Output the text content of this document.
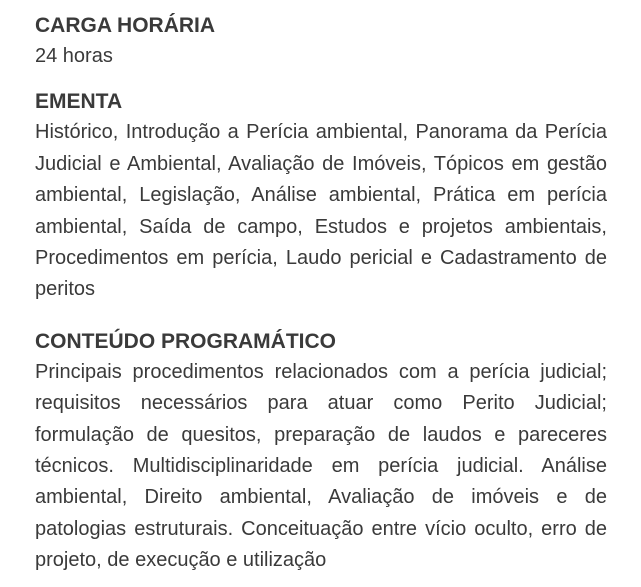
CARGA HORÁRIA

24 horas

EMENTA

Histórico, Introdução a Perícia ambiental, Panorama da Perícia Judicial e Ambiental, Avaliação de Imóveis, Tópicos em gestão ambiental, Legislação, Análise ambiental, Prática em perícia ambiental, Saída de campo, Estudos e projetos ambientais, Procedimentos em perícia, Laudo pericial e Cadastramento de peritos

CONTEÚDO PROGRAMÁTICO

Principais procedimentos relacionados com a perícia judicial; requisitos necessários para atuar como Perito Judicial; formulação de quesitos, preparação de laudos e pareceres técnicos. Multidisciplinaridade em perícia judicial. Análise ambiental, Direito ambiental, Avaliação de imóveis e de patologias estruturais. Conceituação entre vício oculto, erro de projeto, de execução e utilização
